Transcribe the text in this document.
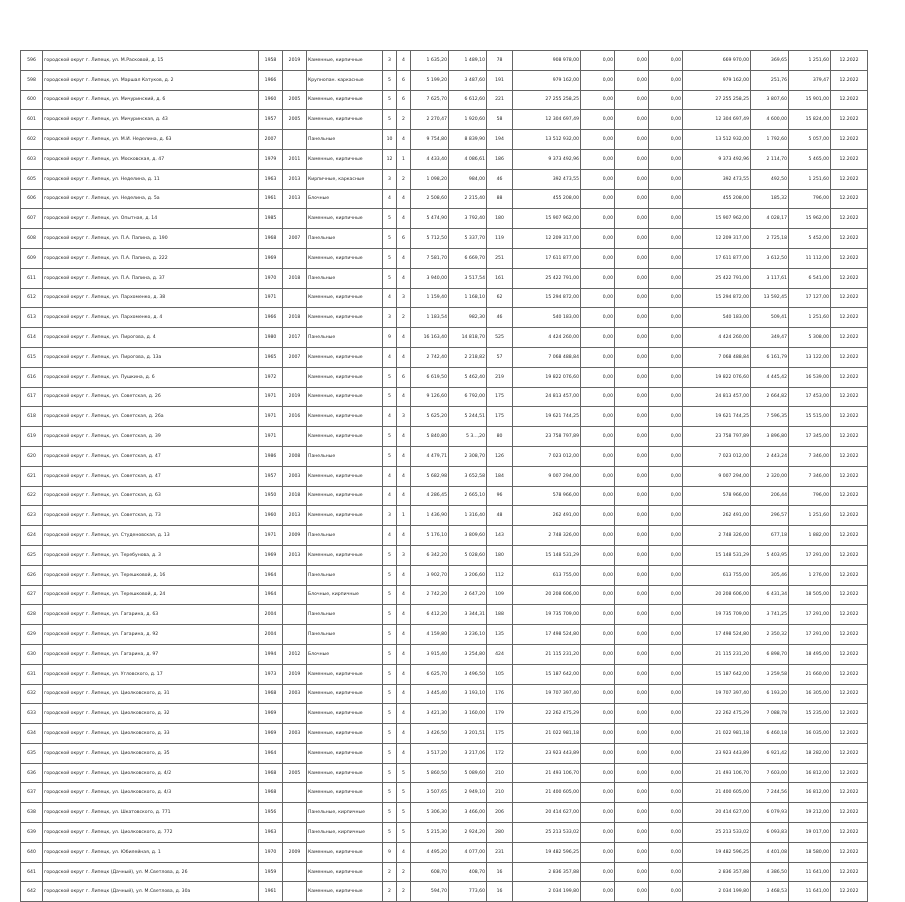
596	городской округ г. Липецк, ул. М.Расковой, д. 15	1958	2019	Каменные, кирпичные	3	4	1 635,20	1 489,10	78	908 978,00	0,00	0,00	0,00	669 970,00	369,65	1 251,60	12.2022
598	городской округ г. Липецк, ул. Маршал Катуков, д. 2	1966		Крупнопан. каркасные	5	6	5 199,20	3 487,60	191	979 162,00	0,00	0,00	0,00	979 162,00	251,76	379,47	12.2022
600	городской округ г. Липецк, ул. Мичуринский, д. 6	1960	2005	Каменные, кирпичные	5	6	7 625,70	6 612,60	221	27 255 258,25	0,00	0,00	0,00	27 255 258,25	3 807,60	15 901,00	12.2022
601	городской округ г. Липецк, ул. Мичуринская, д. 43	1957	2005	Каменные, кирпичные	5	2	2 270,47	1 920,60	58	12 304 697,49	0,00	0,00	0,00	12 304 697,49	4 600,00	15 824,00	12.2022
602	городской округ г. Липецк, ул. М.И. Неделина, д. 63	2007		Панельные	10	4	9 754,80	8 839,90	194	13 512 932,00	0,00	0,00	0,00	13 512 932,00	1 792,60	5 057,00	12.2022
603	городской округ г. Липецк, ул. Московская, д. 47	1979	2011	Каменные, кирпичные	12	1	4 433,40	4 086,61	186	9 373 492,96	0,00	0,00	0,00	9 373 492,96	2 114,70	5 465,00	12.2022
605	городской округ г. Липецк, ул. Неделина, д. 11	1963	2013	Кирпичные, каркасные	3	2	1 098,20	984,00	46	392 473,55	0,00	0,00	0,00	392 473,55	492,50	1 251,60	12.2022
606	городской округ г. Липецк, ул. Неделина, д. 5а	1961	2013	Блочные	4	4	2 508,60	2 215,40	88	455 208,00	0,00	0,00	0,00	455 208,00	185,32	796,00	12.2022
607	городской округ г. Липецк, ул. Опытная, д. 14	1985		Каменные, кирпичные	5	4	5 474,90	3 792,40	180	15 907 962,00	0,00	0,00	0,00	15 907 962,00	4 028,17	15 962,00	12.2022
608	городской округ г. Липецк, ул. П.А. Папина, д. 190	1968	2007	Панельные	5	6	5 712,50	5 337,70	119	12 209 317,00	0,00	0,00	0,00	12 209 317,00	2 725,18	5 452,00	12.2022
609	городской округ г. Липецк, ул. П.А. Папина, д. 222	1969		Каменные, кирпичные	5	4	7 581,70	6 669,70	251	17 611 877,00	0,00	0,00	0,00	17 611 877,00	3 612,50	11 112,00	12.2022
611	городской округ г. Липецк, ул. П.А. Папина, д. 37	1970	2018	Панельные	5	4	3 940,00	3 517,54	161	25 422 791,00	0,00	0,00	0,00	25 422 791,00	3 117,61	6 541,00	12.2022
612	городской округ г. Липецк, ул. Пархоменко, д. 38	1971		Каменные, кирпичные	4	3	1 159,40	1 168,10	62	15 294 872,00	0,00	0,00	0,00	15 294 872,00	13 592,45	17 127,00	12.2022
613	городской округ г. Липецк, ул. Пархоменко, д. 4	1966	2018	Каменные, кирпичные	3	2	1 183,54	982,30	46	540 183,00	0,00	0,00	0,00	540 183,00	509,41	1 251,60	12.2022
614	городской округ г. Липецк, ул. Пирогова, д. 4	1980	2017	Панельные	9	4	16 163,40	14 818,70	525	4 424 260,00	0,00	0,00	0,00	4 424 260,00	349,47	5 308,00	12.2022
615	городской округ г. Липецк, ул. Пирогова, д. 13а	1965	2007	Каменные, кирпичные	4	4	2 742,40	2 218,82	57	7 068 488,84	0,00	0,00	0,00	7 068 488,84	6 161,79	13 122,00	12.2022
616	городской округ г. Липецк, ул. Пушкина, д. 6	1972		Каменные, кирпичные	5	6	6 619,50	5 462,40	219	19 822 076,60	0,00	0,00	0,00	19 822 076,60	4 445,42	16 539,00	12.2022
617	городской округ г. Липецк, ул. Советская, д. 26	1971	2019	Каменные, кирпичные	5	4	9 126,60	6 792,00	175	24 813 457,00	0,00	0,00	0,00	24 813 457,00	2 664,82	17 453,00	12.2022
618	городской округ г. Липецк, ул. Советская, д. 26а	1971	2016	Каменные, кирпичные	4	3	5 625,20	5 244,51	175	19 621 744,25	0,00	0,00	0,00	19 621 744,25	7 596,35	15 515,00	12.2022
619	городской округ г. Липецк, ул. Советская, д. 39	1971		Каменные, кирпичные	5	4	5 840,80	5 3...,20	80	23 758 797,89	0,00	0,00	0,00	23 758 797,89	3 896,80	17 345,00	12.2022
620	городской округ г. Липецк, ул. Советская, д. 47	1986	2008	Панельные	5	4	4 479,71	2 308,70	126	7 023 012,00	0,00	0,00	0,00	7 023 012,00	2 443,24	7 346,00	12.2022
621	городской округ г. Липецк, ул. Советская, д. 47	1957	2003	Каменные, кирпичные	4	4	5 682,98	3 652,58	184	9 007 294,00	0,00	0,00	0,00	9 007 294,00	2 320,00	7 346,00	12.2022
622	городской округ г. Липецк, ул. Советская, д. 63	1950	2018	Каменные, кирпичные	4	4	4 286,45	2 665,10	96	578 966,00	0,00	0,00	0,00	578 966,00	206,44	796,00	12.2022
623	городской округ г. Липецк, ул. Советская, д. 73	1960	2013	Каменные, кирпичные	3	1	1 436,90	1 316,40	48	262 491,00	0,00	0,00	0,00	262 491,00	296,57	1 251,60	12.2022
624	городской округ г. Липецк, ул. Студеновская, д. 13	1971	2009	Панельные	4	4	5 176,10	3 809,60	143	2 748 326,00	0,00	0,00	0,00	2 748 326,00	677,18	1 882,00	12.2022
625	городской округ г. Липецк, ул. Теребунова, д. 3	1969	2013	Каменные, кирпичные	5	3	6 342,20	5 028,60	180	15 148 531,29	0,00	0,00	0,00	15 148 531,29	5 403,95	17 291,00	12.2022
626	городской округ г. Липецк, ул. Терешковой, д. 16	1964		Панельные	5	4	3 902,70	3 206,60	112	613 755,00	0,00	0,00	0,00	613 755,00	305,46	1 276,00	12.2022
627	городской округ г. Липецк, ул. Терешковой, д. 24	1964		Блочные, кирпичные	5	4	2 742,20	2 647,20	109	20 208 606,00	0,00	0,00	0,00	20 208 606,00	6 431,34	18 505,00	12.2022
628	городской округ г. Липецк, ул. Гагарина, д. 63	2004		Панельные	5	4	6 412,20	3 344,31	188	19 735 709,00	0,00	0,00	0,00	19 735 709,00	3 741,25	17 291,00	12.2022
629	городской округ г. Липецк, ул. Гагарина, д. 92	2004		Панельные	5	4	4 159,80	3 236,10	135	17 498 524,80	0,00	0,00	0,00	17 498 524,80	2 350,32	17 291,00	12.2022
630	городской округ г. Липецк, ул. Гагарина, д. 97	1994	2012	Блочные	5	4	3 915,40	3 254,80	424	21 115 231,20	0,00	0,00	0,00	21 115 231,20	6 898,70	18 495,00	12.2022
631	городской округ г. Липецк, ул. Угловского, д. 17	1973	2019	Каменные, кирпичные	5	4	6 625,70	3 496,50	105	15 187 642,00	0,00	0,00	0,00	15 187 642,00	3 259,58	21 660,00	12.2022
632	городской округ г. Липецк, ул. Циолковского, д. 31	1968	2003	Каменные, кирпичные	5	4	3 445,40	3 193,10	176	19 707 397,40	0,00	0,00	0,00	19 707 397,40	6 193,20	16 305,00	12.2022
633	городской округ г. Липецк, ул. Циолковского, д. 32	1969		Каменные, кирпичные	5	4	3 421,30	3 160,00	179	22 262 475,29	0,00	0,00	0,00	22 262 475,29	7 088,78	15 235,00	12.2022
634	городской округ г. Липецк, ул. Циолковского, д. 33	1969	2003	Каменные, кирпичные	5	4	3 426,50	3 201,51	175	21 022 981,18	0,00	0,00	0,00	21 022 981,18	6 460,18	16 035,00	12.2022
635	городской округ г. Липецк, ул. Циолковского, д. 35	1964		Каменные, кирпичные	5	4	3 517,20	3 217,06	172	23 923 443,89	0,00	0,00	0,00	23 923 443,89	6 921,42	18 282,00	12.2022
636	городской округ г. Липецк, ул. Циолковского, д. 4/2	1968	2005	Каменные, кирпичные	5	5	5 860,50	5 089,60	210	21 493 106,70	0,00	0,00	0,00	21 493 106,70	7 603,00	16 812,00	12.2022
637	городской округ г. Липецк, ул. Циолковского, д. 4/3	1968		Каменные, кирпичные	5	5	3 507,65	2 949,10	210	21 400 605,00	0,00	0,00	0,00	21 400 605,00	7 244,56	16 812,00	12.2022
638	городской округ г. Липецк, ул. Шкатовского, д. 771	1956		Панельные, кирпичные	5	5	5 306,30	3 466,00	206	20 414 627,00	0,00	0,00	0,00	20 414 627,00	6 079,93	19 212,00	12.2022
639	городской округ г. Липецк, ул. Циолковского, д. 772	1963		Панельные, кирпичные	5	5	5 215,30	2 924,20	280	25 213 533,02	0,00	0,00	0,00	25 213 533,02	6 093,83	19 017,00	12.2022
640	городской округ г. Липецк, ул. Юбилейная, д. 1	1970	2009	Каменные, кирпичные	9	4	4 495,20	4 077,00	231	19 482 596,25	0,00	0,00	0,00	19 482 596,25	4 401,08	18 580,00	12.2022
641	городской округ г. Липецк (Дачный), ул. М.Светлова, д. 26	1959		Каменные, кирпичные	2	2	608,70	408,70	16	2 836 357,88	0,00	0,00	0,00	2 836 357,88	4 386,50	11 641,00	12.2022
642	городской округ г. Липецк (Дачный), ул. М.Светлова, д. 30а	1961		Каменные, кирпичные	2	2	594,70	773,60	16	2 034 199,80	0,00	0,00	0,00	2 034 199,80	3 468,53	11 641,00	12.2022
